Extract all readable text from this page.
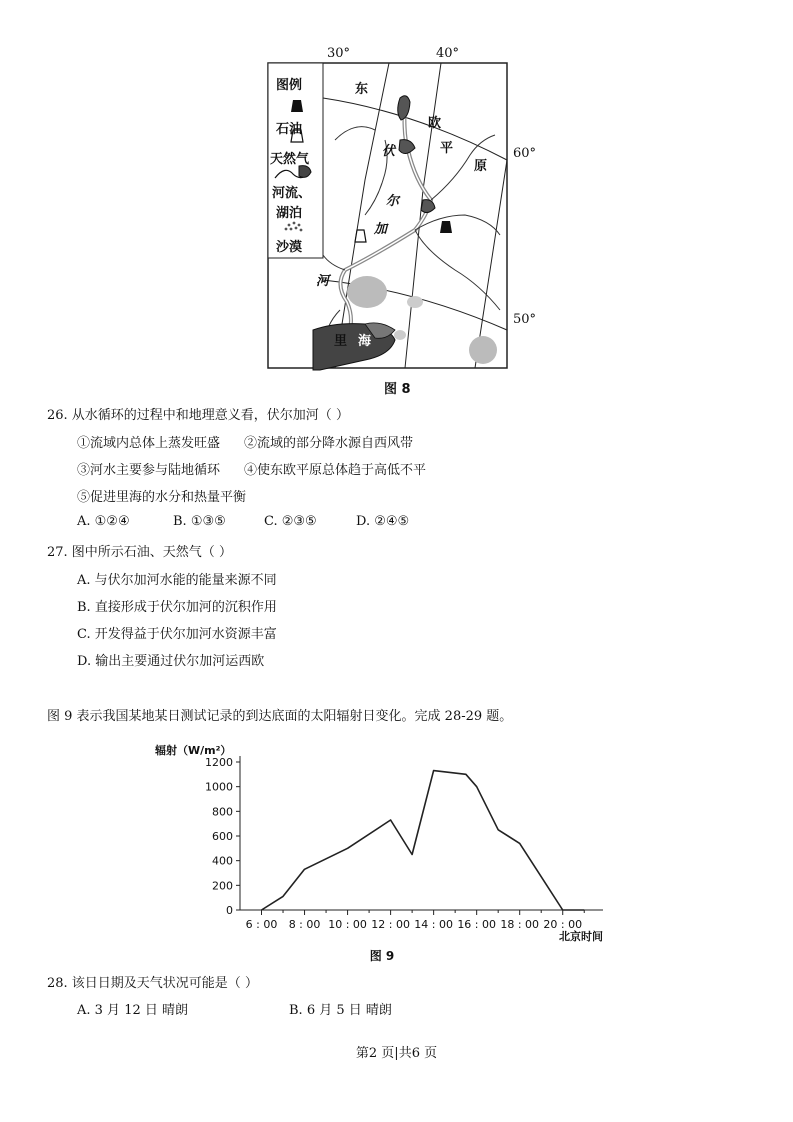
30°	40°
60°
50°
图例
石油
天然气
河流、
湖泊
沙漠
东
欧
平
原
伏
尔
加
河
里 海
图 8
26. 从水循环的过程中和地理意义看，伏尔加河（ ）
①流域内总体上蒸发旺盛 ②流域的部分降水源自西风带
③河水主要参与陆地循环 ④使东欧平原总体趋于高低不平
⑤促进里海的水分和热量平衡
A. ①②④	B. ①③⑤	C. ②③⑤	D. ②④⑤
27. 图中所示石油、天然气（ ）
A. 与伏尔加河水能的能量来源不同
B. 直接形成于伏尔加河的沉积作用
C. 开发得益于伏尔加河水资源丰富
D. 输出主要通过伏尔加河运西欧
图 9 表示我国某地某日测试记录的到达底面的太阳辐射日变化。完成 28-29 题。
0
200
400
600
800
1000
1200
6 : 00 8 : 00 10 : 00 12 : 00 14 : 00 16 : 00 18 : 00 20 : 00
辐射（W/m²）
北京时间
图 9
28. 该日日期及天气状况可能是（ ）
A. 3 月 12 日 晴朗	B. 6 月 5 日 晴朗
第2 页|共6 页
